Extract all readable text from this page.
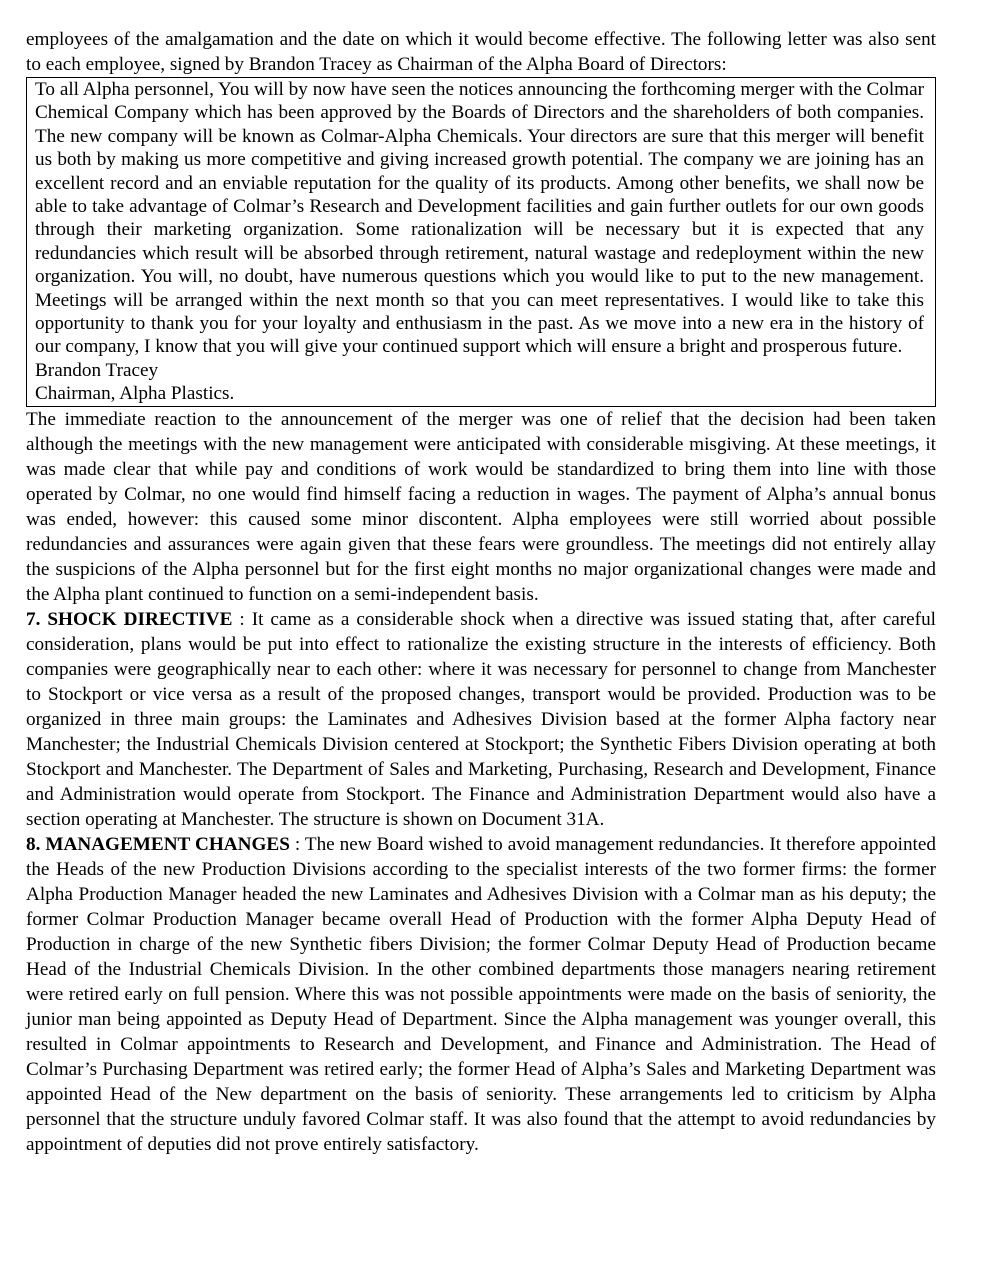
employees of the amalgamation and the date on which it would become effective. The following letter was also sent to each employee, signed by Brandon Tracey as Chairman of the Alpha Board of Directors:

To all Alpha personnel, You will by now have seen the notices announcing the forthcoming merger with the Colmar Chemical Company which has been approved by the Boards of Directors and the shareholders of both companies. The new company will be known as Colmar-Alpha Chemicals. Your directors are sure that this merger will benefit us both by making us more competitive and giving increased growth potential. The company we are joining has an excellent record and an enviable reputation for the quality of its products. Among other benefits, we shall now be able to take advantage of Colmar’s Research and Development facilities and gain further outlets for our own goods through their marketing organization. Some rationalization will be necessary but it is expected that any redundancies which result will be absorbed through retirement, natural wastage and redeployment within the new organization. You will, no doubt, have numerous questions which you would like to put to the new management. Meetings will be arranged within the next month so that you can meet representatives. I would like to take this opportunity to thank you for your loyalty and enthusiasm in the past. As we move into a new era in the history of our company, I know that you will give your continued support which will ensure a bright and prosperous future.

Brandon Tracey

Chairman, Alpha Plastics.

The immediate reaction to the announcement of the merger was one of relief that the decision had been taken although the meetings with the new management were anticipated with considerable misgiving. At these meetings, it was made clear that while pay and conditions of work would be standardized to bring them into line with those operated by Colmar, no one would find himself facing a reduction in wages. The payment of Alpha’s annual bonus was ended, however: this caused some minor discontent. Alpha employees were still worried about possible redundancies and assurances were again given that these fears were groundless. The meetings did not entirely allay the suspicions of the Alpha personnel but for the first eight months no major organizational changes were made and the Alpha plant continued to function on a semi-independent basis.

7. SHOCK DIRECTIVE : It came as a considerable shock when a directive was issued stating that, after careful consideration, plans would be put into effect to rationalize the existing structure in the interests of efficiency. Both companies were geographically near to each other: where it was necessary for personnel to change from Manchester to Stockport or vice versa as a result of the proposed changes, transport would be provided. Production was to be organized in three main groups: the Laminates and Adhesives Division based at the former Alpha factory near Manchester; the Industrial Chemicals Division centered at Stockport; the Synthetic Fibers Division operating at both Stockport and Manchester. The Department of Sales and Marketing, Purchasing, Research and Development, Finance and Administration would operate from Stockport. The Finance and Administration Department would also have a section operating at Manchester. The structure is shown on Document 31A.

8. MANAGEMENT CHANGES : The new Board wished to avoid management redundancies. It therefore appointed the Heads of the new Production Divisions according to the specialist interests of the two former firms: the former Alpha Production Manager headed the new Laminates and Adhesives Division with a Colmar man as his deputy; the former Colmar Production Manager became overall Head of Production with the former Alpha Deputy Head of Production in charge of the new Synthetic fibers Division; the former Colmar Deputy Head of Production became Head of the Industrial Chemicals Division. In the other combined departments those managers nearing retirement were retired early on full pension. Where this was not possible appointments were made on the basis of seniority, the junior man being appointed as Deputy Head of Department. Since the Alpha management was younger overall, this resulted in Colmar appointments to Research and Development, and Finance and Administration. The Head of Colmar’s Purchasing Department was retired early; the former Head of Alpha’s Sales and Marketing Department was appointed Head of the New department on the basis of seniority. These arrangements led to criticism by Alpha personnel that the structure unduly favored Colmar staff. It was also found that the attempt to avoid redundancies by appointment of deputies did not prove entirely satisfactory.
